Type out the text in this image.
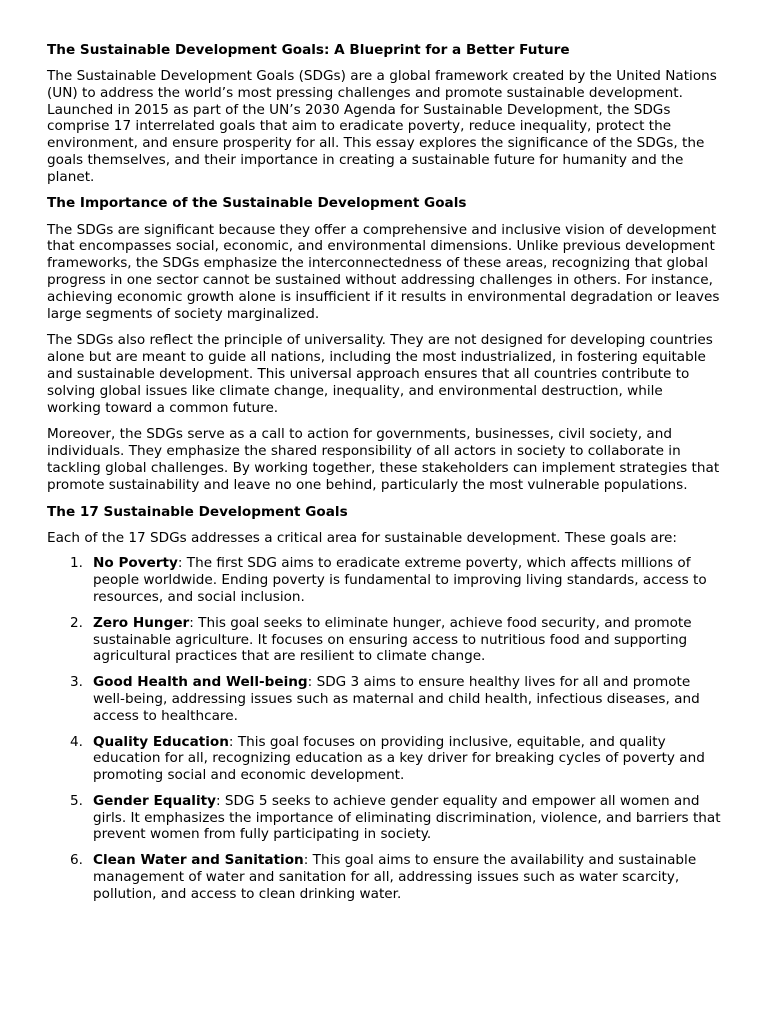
The Sustainable Development Goals: A Blueprint for a Better Future

The Sustainable Development Goals (SDGs) are a global framework created by the United Nations (UN) to address the world’s most pressing challenges and promote sustainable development. Launched in 2015 as part of the UN’s 2030 Agenda for Sustainable Development, the SDGs comprise 17 interrelated goals that aim to eradicate poverty, reduce inequality, protect the environment, and ensure prosperity for all. This essay explores the significance of the SDGs, the goals themselves, and their importance in creating a sustainable future for humanity and the planet.

The Importance of the Sustainable Development Goals

The SDGs are significant because they offer a comprehensive and inclusive vision of development that encompasses social, economic, and environmental dimensions. Unlike previous development frameworks, the SDGs emphasize the interconnectedness of these areas, recognizing that global progress in one sector cannot be sustained without addressing challenges in others. For instance, achieving economic growth alone is insufficient if it results in environmental degradation or leaves large segments of society marginalized.

The SDGs also reflect the principle of universality. They are not designed for developing countries alone but are meant to guide all nations, including the most industrialized, in fostering equitable and sustainable development. This universal approach ensures that all countries contribute to solving global issues like climate change, inequality, and environmental destruction, while working toward a common future.

Moreover, the SDGs serve as a call to action for governments, businesses, civil society, and individuals. They emphasize the shared responsibility of all actors in society to collaborate in tackling global challenges. By working together, these stakeholders can implement strategies that promote sustainability and leave no one behind, particularly the most vulnerable populations.

The 17 Sustainable Development Goals

Each of the 17 SDGs addresses a critical area for sustainable development. These goals are:

1. No Poverty: The first SDG aims to eradicate extreme poverty, which affects millions of people worldwide. Ending poverty is fundamental to improving living standards, access to resources, and social inclusion.
2. Zero Hunger: This goal seeks to eliminate hunger, achieve food security, and promote sustainable agriculture. It focuses on ensuring access to nutritious food and supporting agricultural practices that are resilient to climate change.
3. Good Health and Well-being: SDG 3 aims to ensure healthy lives for all and promote well-being, addressing issues such as maternal and child health, infectious diseases, and access to healthcare.
4. Quality Education: This goal focuses on providing inclusive, equitable, and quality education for all, recognizing education as a key driver for breaking cycles of poverty and promoting social and economic development.
5. Gender Equality: SDG 5 seeks to achieve gender equality and empower all women and girls. It emphasizes the importance of eliminating discrimination, violence, and barriers that prevent women from fully participating in society.
6. Clean Water and Sanitation: This goal aims to ensure the availability and sustainable management of water and sanitation for all, addressing issues such as water scarcity, pollution, and access to clean drinking water.
